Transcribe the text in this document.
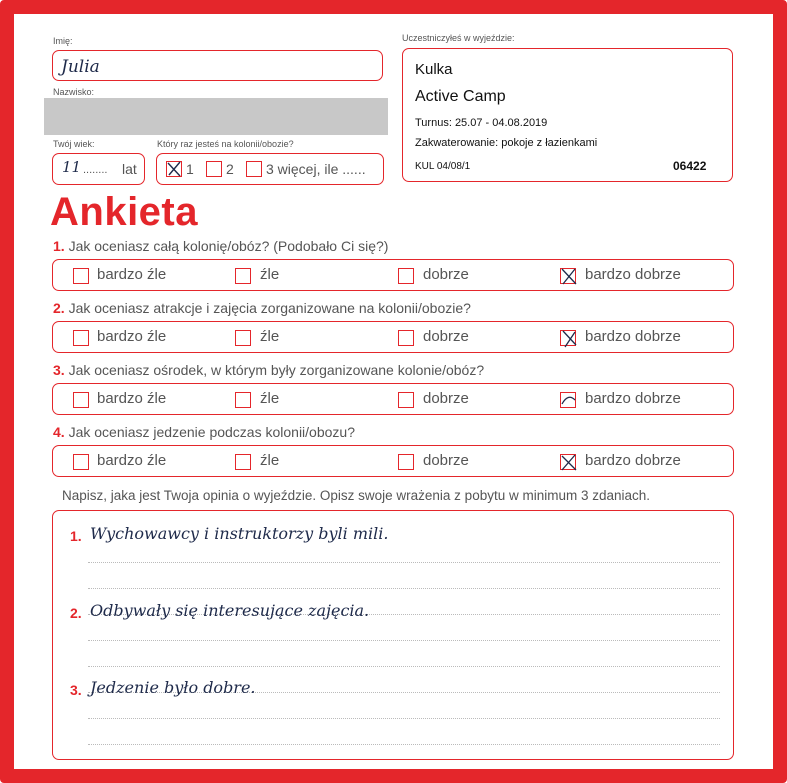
Imię:
Julia
Nazwisko:
Twój wiek:
11 ........ lat
Który raz jesteś na kolonii/obozie?
1 2 3 więcej, ile ......
Uczestniczyłeś w wyjeździe:
Kulka
Active Camp
Turnus: 25.07 - 04.08.2019
Zakwaterowanie: pokoje z łazienkami
KUL 04/08/1	06422
Ankieta
1. Jak oceniasz całą kolonię/obóz? (Podobało Ci się?)
bardzo źle	źle	dobrze	bardzo dobrze
2. Jak oceniasz atrakcje i zajęcia zorganizowane na kolonii/obozie?
bardzo źle	źle	dobrze	bardzo dobrze
3. Jak oceniasz ośrodek, w którym były zorganizowane kolonie/obóz?
bardzo źle	źle	dobrze	bardzo dobrze
4. Jak oceniasz jedzenie podczas kolonii/obozu?
bardzo źle	źle	dobrze	bardzo dobrze
Napisz, jaka jest Twoja opinia o wyjeździe. Opisz swoje wrażenia z pobytu w minimum 3 zdaniach.
1. Wychowawcy i instruktorzy byli mili.
2. Odbywały się interesujące zajęcia.
3. Jedzenie było dobre.
